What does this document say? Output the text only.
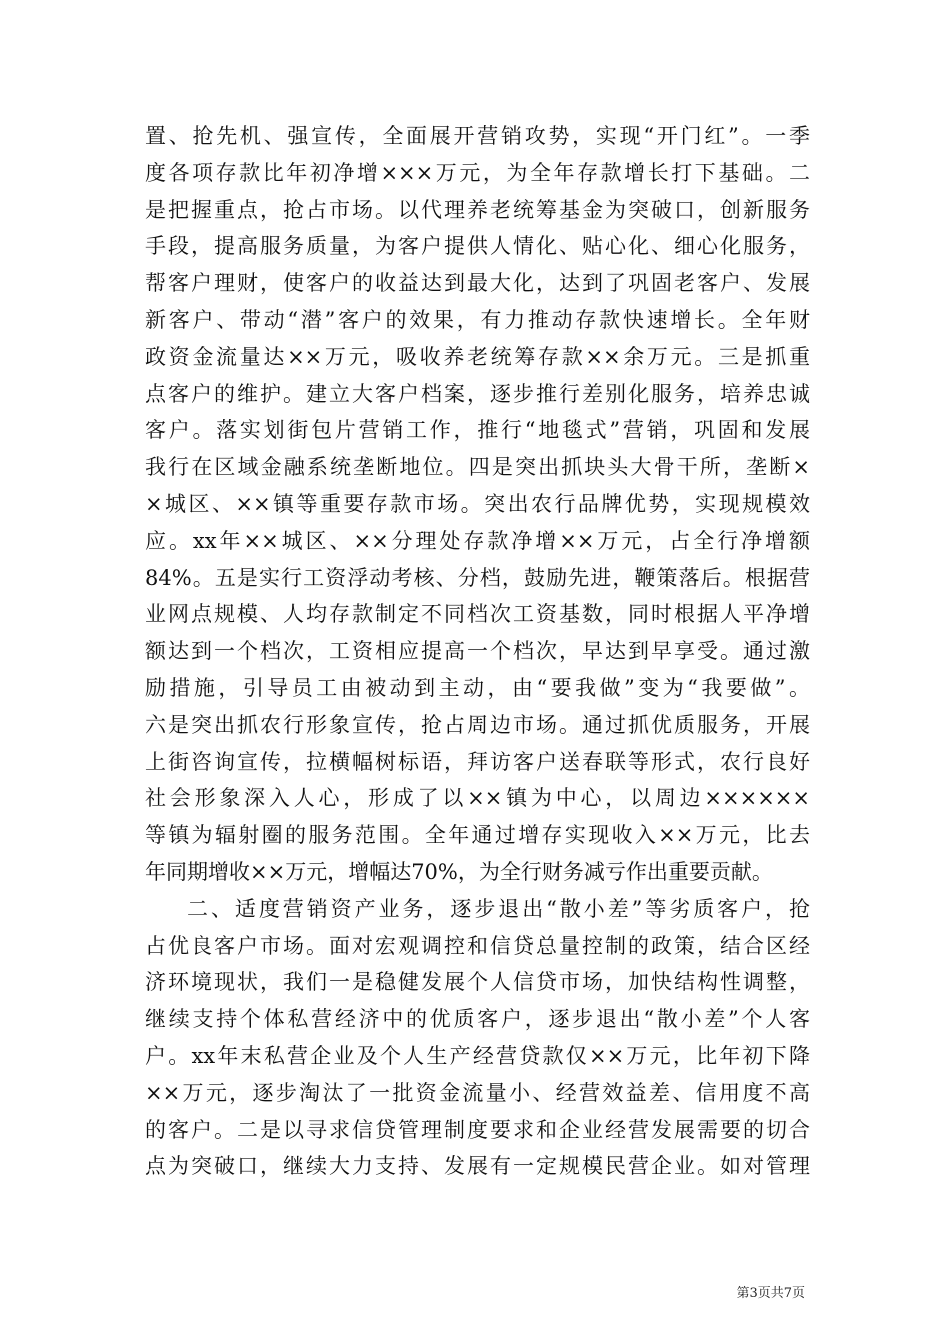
置、抢先机、强宣传，全面展开营销攻势，实现“开门红”。一季
度各项存款比年初净增×××万元，为全年存款增长打下基础。二
是把握重点，抢占市场。以代理养老统筹基金为突破口，创新服务
手段，提高服务质量，为客户提供人情化、贴心化、细心化服务，
帮客户理财，使客户的收益达到最大化，达到了巩固老客户、发展
新客户、带动“潜”客户的效果，有力推动存款快速增长。全年财
政资金流量达××万元，吸收养老统筹存款××余万元。三是抓重
点客户的维护。建立大客户档案，逐步推行差别化服务，培养忠诚
客户。落实划街包片营销工作，推行“地毯式”营销，巩固和发展
我行在区域金融系统垄断地位。四是突出抓块头大骨干所，垄断×
×城区、××镇等重要存款市场。突出农行品牌优势，实现规模效
应。xx年××城区、××分理处存款净增××万元，占全行净增额
84%。五是实行工资浮动考核、分档，鼓励先进，鞭策落后。根据营
业网点规模、人均存款制定不同档次工资基数，同时根据人平净增
额达到一个档次，工资相应提高一个档次，早达到早享受。通过激
励措施，引导员工由被动到主动，由“要我做”变为“我要做”。
六是突出抓农行形象宣传，抢占周边市场。通过抓优质服务，开展
上街咨询宣传，拉横幅树标语，拜访客户送春联等形式，农行良好
社会形象深入人心，形成了以××镇为中心，以周边××××××
等镇为辐射圈的服务范围。全年通过增存实现收入××万元，比去
年同期增收××万元，增幅达70%，为全行财务减亏作出重要贡献。
二、适度营销资产业务，逐步退出“散小差”等劣质客户，抢
占优良客户市场。面对宏观调控和信贷总量控制的政策，结合区经
济环境现状，我们一是稳健发展个人信贷市场，加快结构性调整，
继续支持个体私营经济中的优质客户，逐步退出“散小差”个人客
户。xx年末私营企业及个人生产经营贷款仅××万元，比年初下降
××万元，逐步淘汰了一批资金流量小、经营效益差、信用度不高
的客户。二是以寻求信贷管理制度要求和企业经营发展需要的切合
点为突破口，继续大力支持、发展有一定规模民营企业。如对管理
第3页共7页
